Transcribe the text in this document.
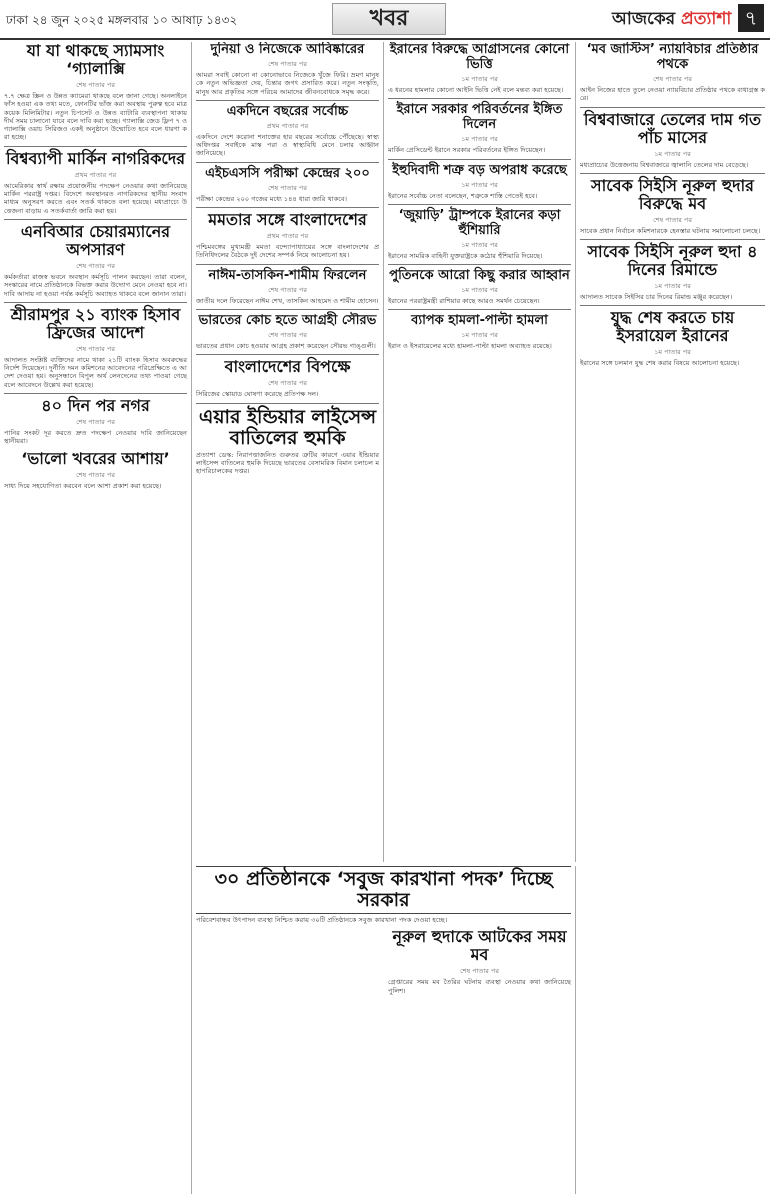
ঢাকা ২৪ জুন ২০২৫ মঙ্গলবার ১০ আষাঢ় ১৪৩২	খবর	আজকের প্রত্যাশা ৭
যা যা থাকছে স্যামসাং ‘গ্যালাক্সি
শেষ পাতার পর
৭.৭ ক্ষেত্র স্ক্রিন ও উন্নত ক্যামেরা থাকছে বলে জানা গেছে। অনলাইনে ফাঁস হওয়া এক তথ্য মতে, ফোনটির ভাঁজ করা অবস্থায় পুরুত্ব হবে মাত্র কয়েক মিলিমিটার। নতুন চিপসেট ও উন্নত ব্যাটারি ব্যবস্থাপনা থাকায় দীর্ঘ সময় চালানো যাবে বলে দাবি করা হচ্ছে। গ্যালাক্সি জেড ফ্লিপ ৭ ও গ্যালাক্সি ওয়াচ সিরিজও একই অনুষ্ঠানে উন্মোচিত হবে বলে ধারণা করা হচ্ছে।
বিশ্বব্যাপী মার্কিন নাগরিকদের
প্রথম পাতার পর
আমেরিকার স্বার্থ রক্ষায় প্রয়োজনীয় পদক্ষেপ নেওয়ার কথা জানিয়েছে মার্কিন পররাষ্ট্র দপ্তর। বিদেশে অবস্থানরত নাগরিকদের স্থানীয় সংবাদমাধ্যম অনুসরণ করতে এবং সতর্ক থাকতে বলা হয়েছে। মধ্যপ্রাচ্যে উত্তেজনা বাড়ায় এ সতর্কবার্তা জারি করা হয়।
এনবিআর চেয়ারম্যানের অপসারণ
শেষ পাতার পর
কর্মকর্তারা রাজস্ব ভবনে অবস্থান কর্মসূচি পালন করছেন। তারা বলেন, সংস্কারের নামে প্রতিষ্ঠানকে বিভক্ত করার উদ্যোগ মেনে নেওয়া হবে না। দাবি আদায় না হওয়া পর্যন্ত কর্মসূচি অব্যাহত থাকবে বলে জানান তারা।
শ্রীরামপুর ২১ ব্যাংক হিসাব ফ্রিজের আদেশ
শেষ পাতার পর
আদালত সংশ্লিষ্ট ব্যক্তিদের নামে থাকা ২১টি ব্যাংক হিসাব অবরুদ্ধের নির্দেশ দিয়েছেন। দুর্নীতি দমন কমিশনের আবেদনের পরিপ্রেক্ষিতে এ আদেশ দেওয়া হয়। অনুসন্ধানে বিপুল অর্থ লেনদেনের তথ্য পাওয়া গেছে বলে আবেদনে উল্লেখ করা হয়েছে।
৪০ দিন পর নগর
শেষ পাতার পর
পানির সংকট দূর করতে দ্রুত পদক্ষেপ নেওয়ার দাবি জানিয়েছেন স্থানীয়রা।
‘ভালো খবরের আশায়’
শেষ পাতার পর
সাধ্য দিয়ে সহযোগিতা করবেন বলে আশা প্রকাশ করা হয়েছে।
দুনিয়া ও নিজেকে আবিষ্কারের
শেষ পাতার পর
আমরা সবাই কোনো না কোনোভাবে নিজেকে খুঁজে ফিরি। ভ্রমণ মানুষকে নতুন অভিজ্ঞতা দেয়, চিন্তার জগৎ প্রসারিত করে। নতুন সংস্কৃতি, মানুষ আর প্রকৃতির সঙ্গে পরিচয় আমাদের জীবনবোধকে সমৃদ্ধ করে।
একদিনে বছরের সর্বোচ্চ
প্রথম পাতার পর
একদিনে দেশে করোনা শনাক্তের হার বছরের সর্বোচ্চে পৌঁছেছে। স্বাস্থ্য অধিদপ্তর সবাইকে মাস্ক পরা ও স্বাস্থ্যবিধি মেনে চলার আহ্বান জানিয়েছে।
এইচএসসি পরীক্ষা কেন্দ্রের ২০০
শেষ পাতার পর
পরীক্ষা কেন্দ্রের ২০০ গজের মধ্যে ১৪৪ ধারা জারি থাকবে।
মমতার সঙ্গে বাংলাদেশের
প্রথম পাতার পর
পশ্চিমবঙ্গের মুখ্যমন্ত্রী মমতা বন্দ্যোপাধ্যায়ের সঙ্গে বাংলাদেশের প্রতিনিধিদলের বৈঠকে দুই দেশের সম্পর্ক নিয়ে আলোচনা হয়।
নাঈম-তাসকিন-শামীম ফিরলেন
শেষ পাতার পর
জাতীয় দলে ফিরেছেন নাঈম শেখ, তাসকিন আহমেদ ও শামীম হোসেন।
ভারতের কোচ হতে আগ্রহী সৌরভ
শেষ পাতার পর
ভারতের প্রধান কোচ হওয়ার আগ্রহ প্রকাশ করেছেন সৌরভ গাঙ্গুলী।
বাংলাদেশের বিপক্ষে
শেষ পাতার পর
সিরিজের স্কোয়াড ঘোষণা করেছে প্রতিপক্ষ দল।
এয়ার ইন্ডিয়ার লাইসেন্স বাতিলের হুমকি
প্রত্যাশা ডেস্ক: নিরাপত্তাজনিত গুরুতর ত্রুটির কারণে এয়ার ইন্ডিয়ার লাইসেন্স বাতিলের হুমকি দিয়েছে ভারতের বেসামরিক বিমান চলাচল মহাপরিচালকের দপ্তর।
ইরানের বিরুদ্ধে আগ্রাসনের কোনো ভিত্তি
১ম পাতার পর
এ ধরনের হামলার কোনো আইনি ভিত্তি নেই বলে মন্তব্য করা হয়েছে।
ইরানে সরকার পরিবর্তনের ইঙ্গিত দিলেন
১ম পাতার পর
মার্কিন প্রেসিডেন্ট ইরানে সরকার পরিবর্তনের ইঙ্গিত দিয়েছেন।
ইহুদিবাদী শত্রু বড় অপরাধ করেছে
১ম পাতার পর
ইরানের সর্বোচ্চ নেতা বলেছেন, শত্রুকে শাস্তি পেতেই হবে।
‘জুয়াড়ি’ ট্রাম্পকে ইরানের কড়া হুঁশিয়ারি
১ম পাতার পর
ইরানের সামরিক বাহিনী যুক্তরাষ্ট্রকে কঠোর হুঁশিয়ারি দিয়েছে।
পুতিনকে আরো কিছু করার আহ্বান
১ম পাতার পর
ইরানের পররাষ্ট্রমন্ত্রী রাশিয়ার কাছে আরও সমর্থন চেয়েছেন।
ব্যাপক হামলা-পাল্টা হামলা
১ম পাতার পর
ইরান ও ইসরায়েলের মধ্যে হামলা-পাল্টা হামলা অব্যাহত রয়েছে।
৩০ প্রতিষ্ঠানকে ‘সবুজ কারখানা পদক’ দিচ্ছে সরকার
পরিবেশবান্ধব উৎপাদন ব্যবস্থা নিশ্চিত করায় ৩০টি প্রতিষ্ঠানকে সবুজ কারখানা পদক দেওয়া হচ্ছে।
নূরুল হুদাকে আটকের সময় মব
শেষ পাতার পর
গ্রেপ্তারের সময় মব তৈরির ঘটনায় ব্যবস্থা নেওয়ার কথা জানিয়েছে পুলিশ।
‘মব জাস্টিস’ ন্যায়বিচার প্রতিষ্ঠার পথকে
শেষ পাতার পর
আইন নিজের হাতে তুলে নেওয়া ন্যায়বিচার প্রতিষ্ঠার পথকে বাধাগ্রস্ত করে।
বিশ্ববাজারে তেলের দাম গত পাঁচ মাসের
১ম পাতার পর
মধ্যপ্রাচ্যের উত্তেজনায় বিশ্ববাজারে জ্বালানি তেলের দাম বেড়েছে।
সাবেক সিইসি নূরুল হুদার বিরুদ্ধে মব
শেষ পাতার পর
সাবেক প্রধান নির্বাচন কমিশনারকে হেনস্তার ঘটনায় সমালোচনা চলছে।
সাবেক সিইসি নূরুল হুদা ৪ দিনের রিমান্ডে
১ম পাতার পর
আদালত সাবেক সিইসির চার দিনের রিমান্ড মঞ্জুর করেছেন।
যুদ্ধ শেষ করতে চায় ইসরায়েল ইরানের
১ম পাতার পর
ইরানের সঙ্গে চলমান যুদ্ধ শেষ করার বিষয়ে আলোচনা হয়েছে।
